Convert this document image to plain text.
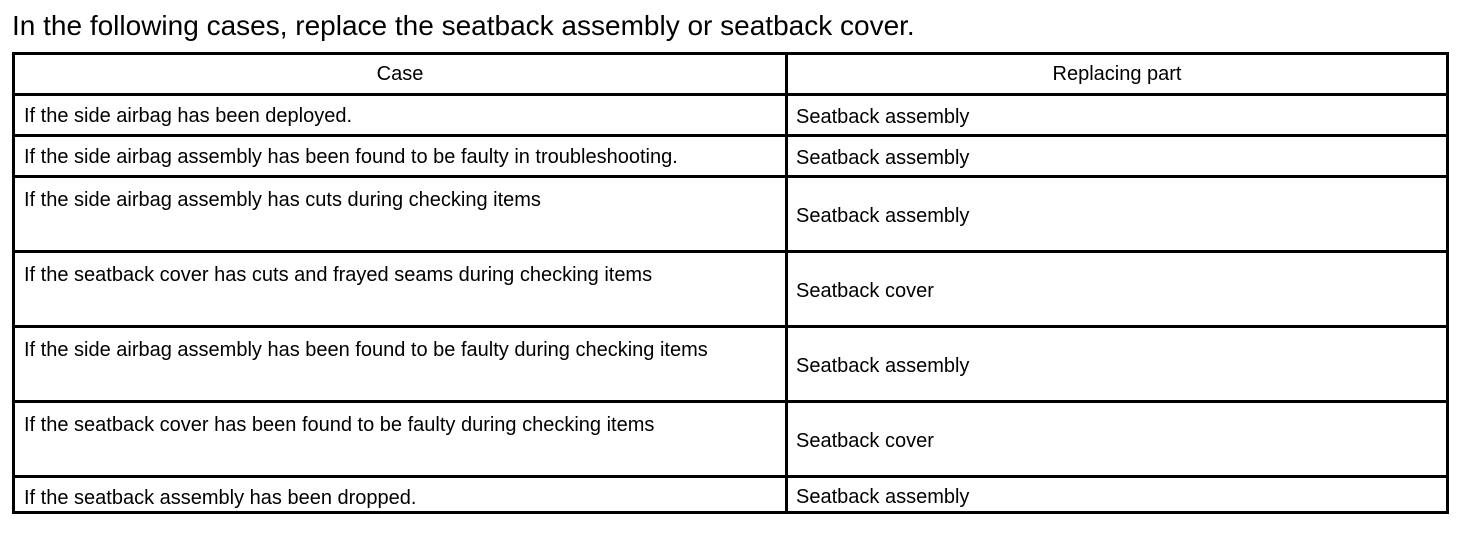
In the following cases, replace the seatback assembly or seatback cover.
Case	Replacing part

If the side airbag has been deployed.	Seatback assembly

If the side airbag assembly has been found to be faulty in troubleshooting.	Seatback assembly

If the side airbag assembly has cuts during checking items	Seatback assembly

If the seatback cover has cuts and frayed seams during checking items	Seatback cover

If the side airbag assembly has been found to be faulty during checking items	Seatback assembly

If the seatback cover has been found to be faulty during checking items	Seatback cover

If the seatback assembly has been dropped.	Seatback assembly
